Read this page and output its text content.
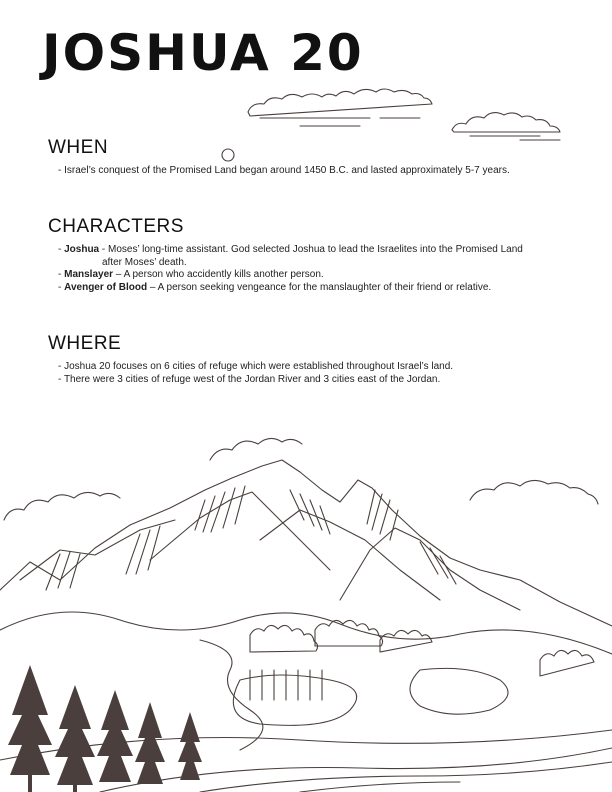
JOSHUA 20
WHEN

- Israel’s conquest of the Promised Land began around 1450 B.C. and lasted approximately 5-7 years.

CHARACTERS

- Joshua - Moses’ long-time assistant. God selected Joshua to lead the Israelites into the Promised Land

after Moses’ death.

- Manslayer – A person who accidently kills another person.

- Avenger of Blood – A person seeking vengeance for the manslaughter of their friend or relative.

WHERE

- Joshua 20 focuses on 6 cities of refuge which were established throughout Israel’s land.

- There were 3 cities of refuge west of the Jordan River and 3 cities east of the Jordan.
